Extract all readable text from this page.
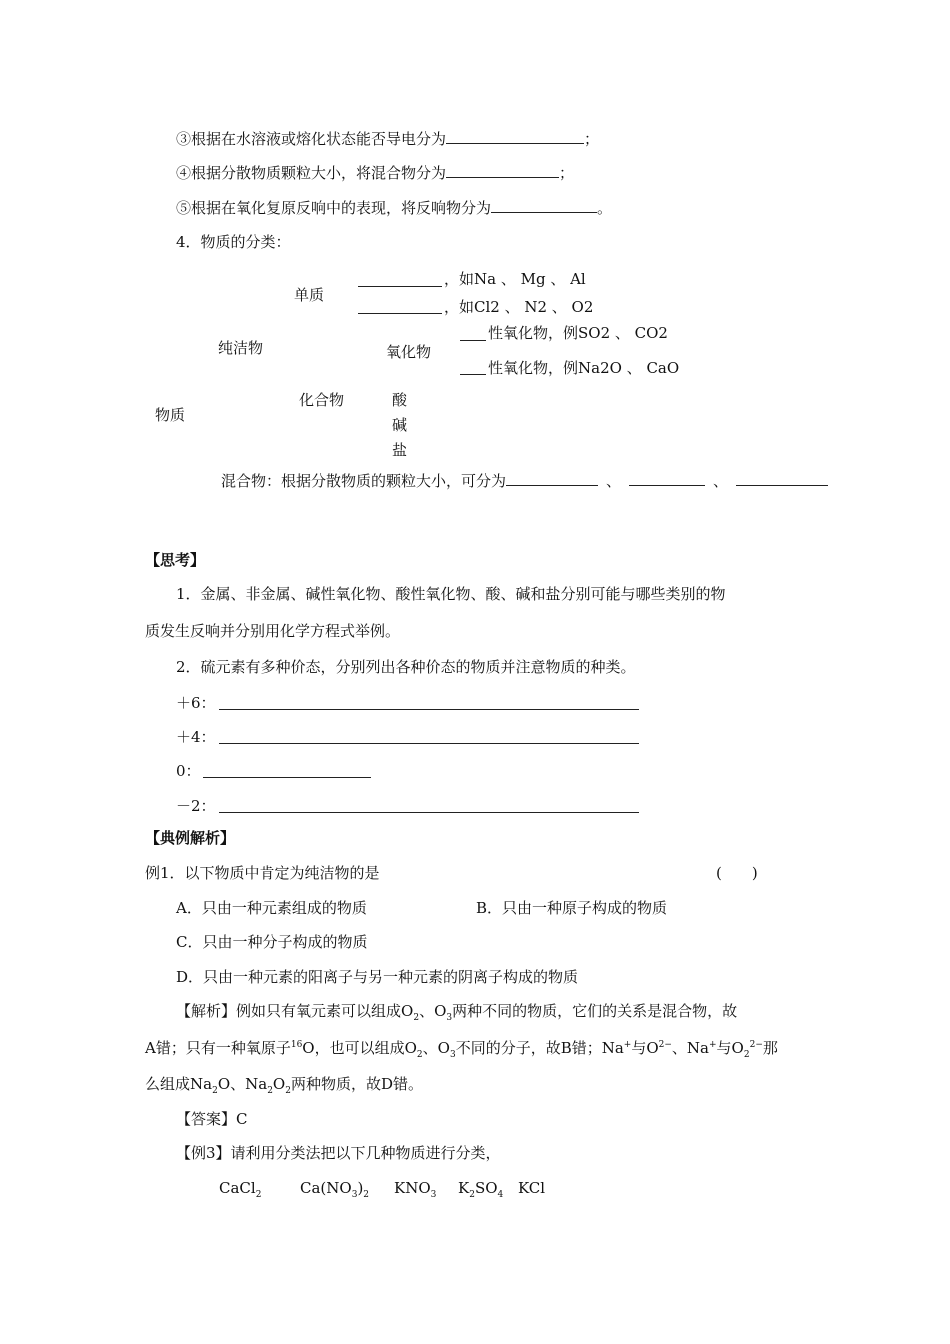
③根据在水溶液或熔化状态能否导电分为	；
④根据分散物质颗粒大小，将混合物分为	；
⑤根据在氧化复原反响中的表现，将反响物分为	。
4．物质的分类：
单质
，如Na 、 Mg 、 Al
，如Cl2 、 N2 、 O2
纯洁物	氧化物
性氧化物，例SO2 、 CO2
性氧化物，例Na2O 、 CaO
化合物	酸
物质
碱
盐
混合物：根据分散物质的颗粒大小，可分为	、	、
【思考】
1．金属、非金属、碱性氧化物、酸性氧化物、酸、碱和盐分别可能与哪些类别的物
质发生反响并分别用化学方程式举例。
2．硫元素有多种价态，分别列出各种价态的物质并注意物质的种类。
＋6：
＋4：
0：
－2：
【典例解析】
例1．以下物质中肯定为纯洁物的是	(　　)
A．只由一种元素组成的物质	B．只由一种原子构成的物质
C．只由一种分子构成的物质
D．只由一种元素的阳离子与另一种元素的阴离子构成的物质
【解析】例如只有氧元素可以组成$O_2$、$O_3$两种不同的物质，它们的关系是混合物，故
A错；只有一种氧原子$^{16}$O，也可以组成$O_2$、$O_3$不同的分子，故B错；Na+与$O^{2-}$、Na+与$O_2^{2-}$那
么组成$Na_2O$、$Na_2O_2$两种物质，故D错。
【答案】C
【例3】请利用分类法把以下几种物质进行分类，
CaCl$_2$	$Ca(NO_3)_2$ $KNO_3$ $K_2SO_4$ KCl
